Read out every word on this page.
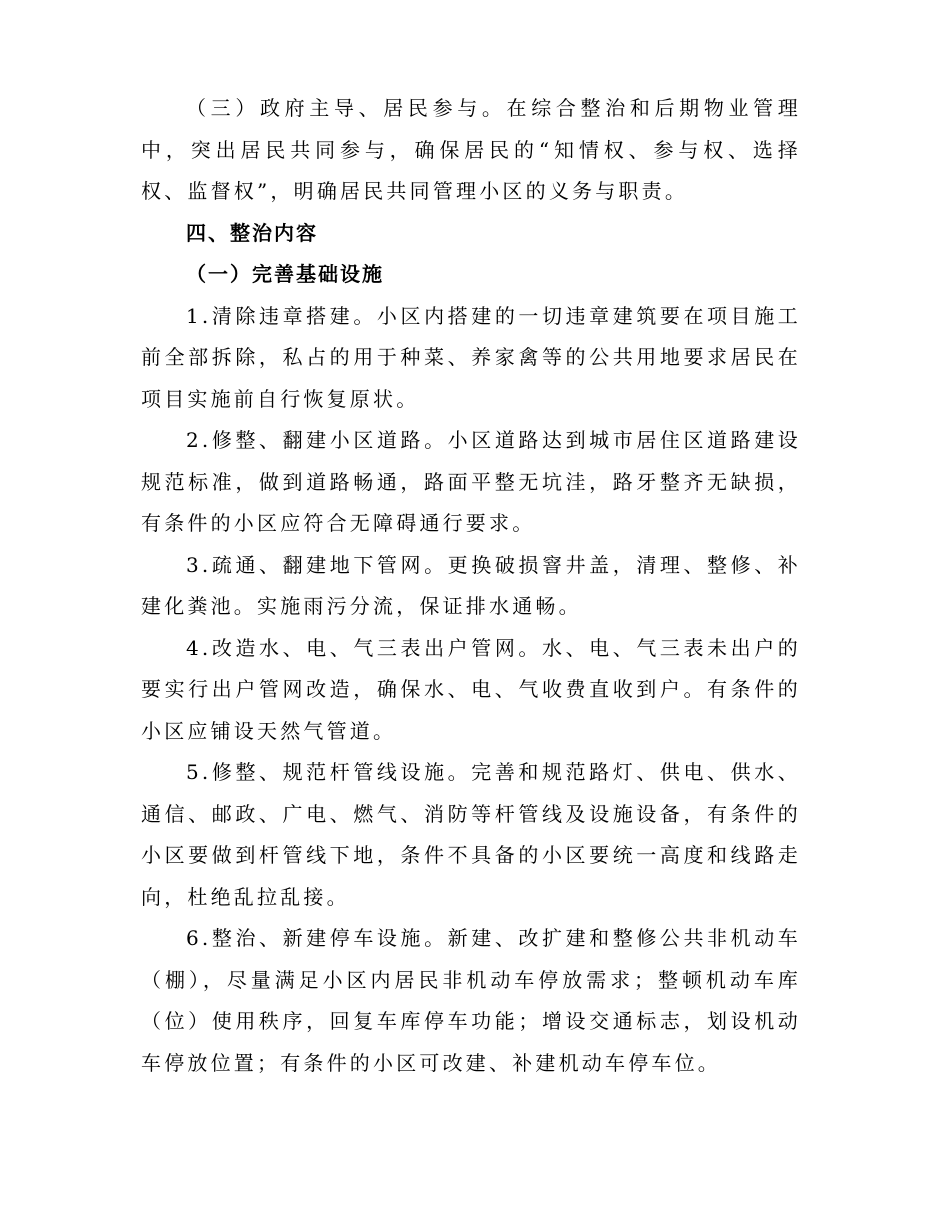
（三）政府主导、居民参与。在综合整治和后期物业管理中，突出居民共同参与，确保居民的“知情权、参与权、选择权、监督权”，明确居民共同管理小区的义务与职责。

四、整治内容

（一）完善基础设施

1.清除违章搭建。小区内搭建的一切违章建筑要在项目施工前全部拆除，私占的用于种菜、养家禽等的公共用地要求居民在项目实施前自行恢复原状。

2.修整、翻建小区道路。小区道路达到城市居住区道路建设规范标准，做到道路畅通，路面平整无坑洼，路牙整齐无缺损，有条件的小区应符合无障碍通行要求。

3.疏通、翻建地下管网。更换破损窨井盖，清理、整修、补建化粪池。实施雨污分流，保证排水通畅。

4.改造水、电、气三表出户管网。水、电、气三表未出户的要实行出户管网改造，确保水、电、气收费直收到户。有条件的小区应铺设天然气管道。

5.修整、规范杆管线设施。完善和规范路灯、供电、供水、通信、邮政、广电、燃气、消防等杆管线及设施设备，有条件的小区要做到杆管线下地，条件不具备的小区要统一高度和线路走向，杜绝乱拉乱接。

6.整治、新建停车设施。新建、改扩建和整修公共非机动车（棚），尽量满足小区内居民非机动车停放需求；整顿机动车库（位）使用秩序，回复车库停车功能；增设交通标志，划设机动车停放位置；有条件的小区可改建、补建机动车停车位。
